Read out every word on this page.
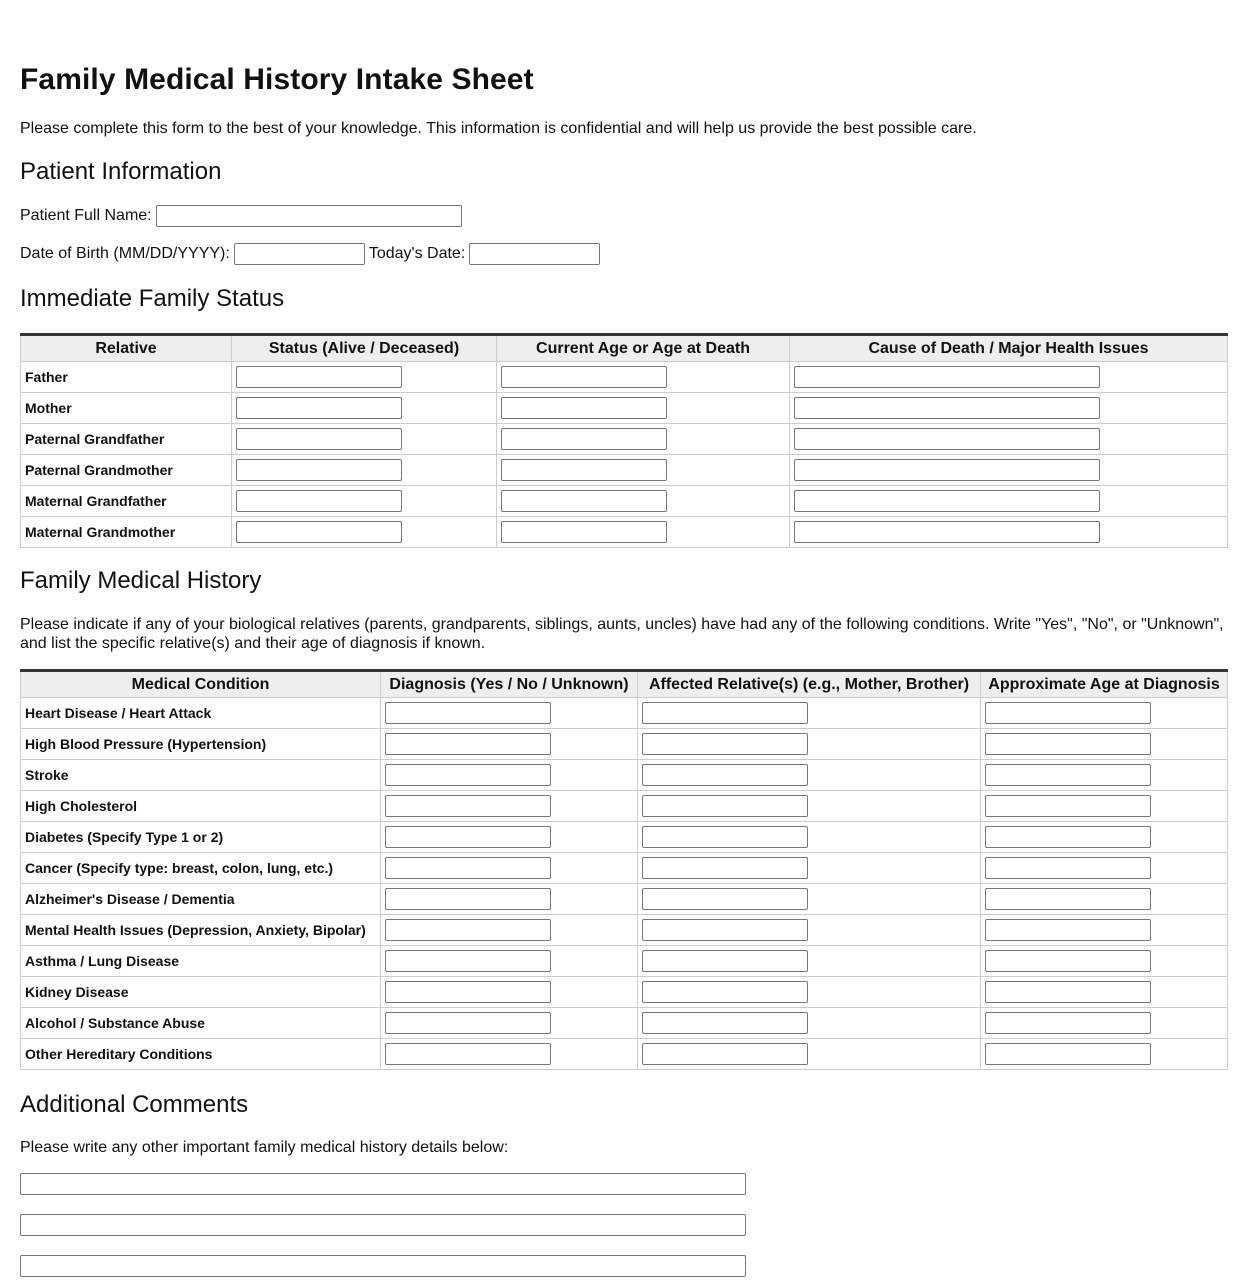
Family Medical History Intake Sheet

Please complete this form to the best of your knowledge. This information is confidential and will help us provide the best possible care.

Patient Information
Patient Full Name:
Date of Birth (MM/DD/YYYY):	Today's Date:
Immediate Family Status
Relative	Status (Alive / Deceased)	Current Age or Age at Death	Cause of Death / Major Health Issues
Father			
Mother			
Paternal Grandfather			
Paternal Grandmother			
Maternal Grandfather			
Maternal Grandmother			
Family Medical History

Please indicate if any of your biological relatives (parents, grandparents, siblings, aunts, uncles) have had any of the following conditions. Write "Yes", "No", or "Unknown", and list the specific relative(s) and their age of diagnosis if known.

Medical Condition	Diagnosis (Yes / No / Unknown)	Affected Relative(s) (e.g., Mother, Brother)	Approximate Age at Diagnosis
Heart Disease / Heart Attack			
High Blood Pressure (Hypertension)			
Stroke			
High Cholesterol			
Diabetes (Specify Type 1 or 2)			
Cancer (Specify type: breast, colon, lung, etc.)			
Alzheimer's Disease / Dementia			
Mental Health Issues (Depression, Anxiety, Bipolar)			
Asthma / Lung Disease			
Kidney Disease			
Alcohol / Substance Abuse			
Other Hereditary Conditions			
Additional Comments

Please write any other important family medical history details below:
